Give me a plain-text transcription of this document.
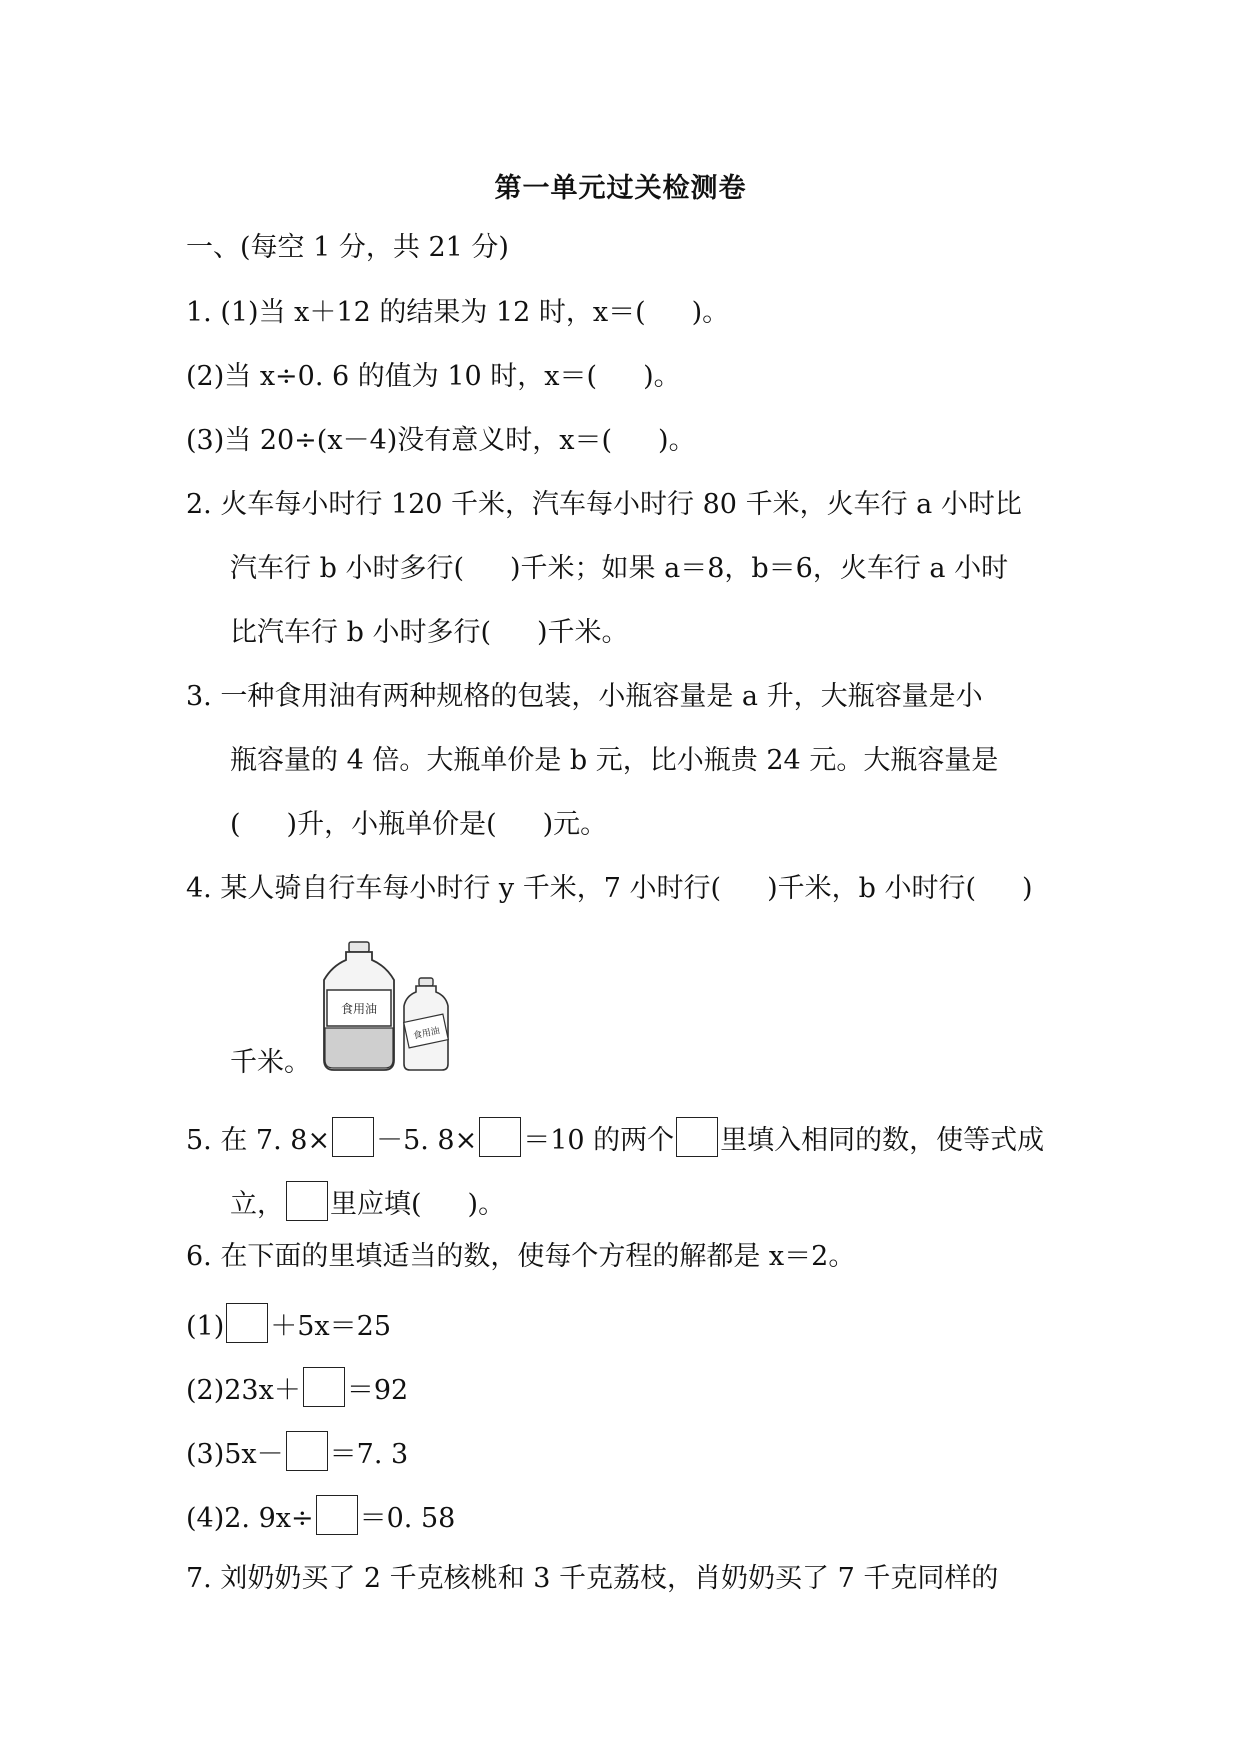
第一单元过关检测卷
一、(每空 1 分，共 21 分)
1. (1)当 x＋12 的结果为 12 时，x＝( )。
(2)当 x÷0. 6 的值为 10 时，x＝( )。
(3)当 20÷(x－4)没有意义时，x＝( )。
2. 火车每小时行 120 千米，汽车每小时行 80 千米，火车行 a 小时比
汽车行 b 小时多行( )千米；如果 a＝8，b＝6，火车行 a 小时
比汽车行 b 小时多行( )千米。
3. 一种食用油有两种规格的包装，小瓶容量是 a 升，大瓶容量是小
瓶容量的 4 倍。大瓶单价是 b 元，比小瓶贵 24 元。大瓶容量是
( )升，小瓶单价是( )元。
4. 某人骑自行车每小时行 y 千米，7 小时行( )千米，b 小时行( )
食用油
食用油
千米。
5. 在 7. 8× －5. 8× ＝10 的两个 里填入相同的数，使等式成
立， 里应填( )。
6. 在下面的里填适当的数，使每个方程的解都是 x＝2。
(1) ＋5x＝25
(2)23x＋ ＝92
(3)5x－ ＝7. 3
(4)2. 9x÷ ＝0. 58
7. 刘奶奶买了 2 千克核桃和 3 千克荔枝，肖奶奶买了 7 千克同样的
